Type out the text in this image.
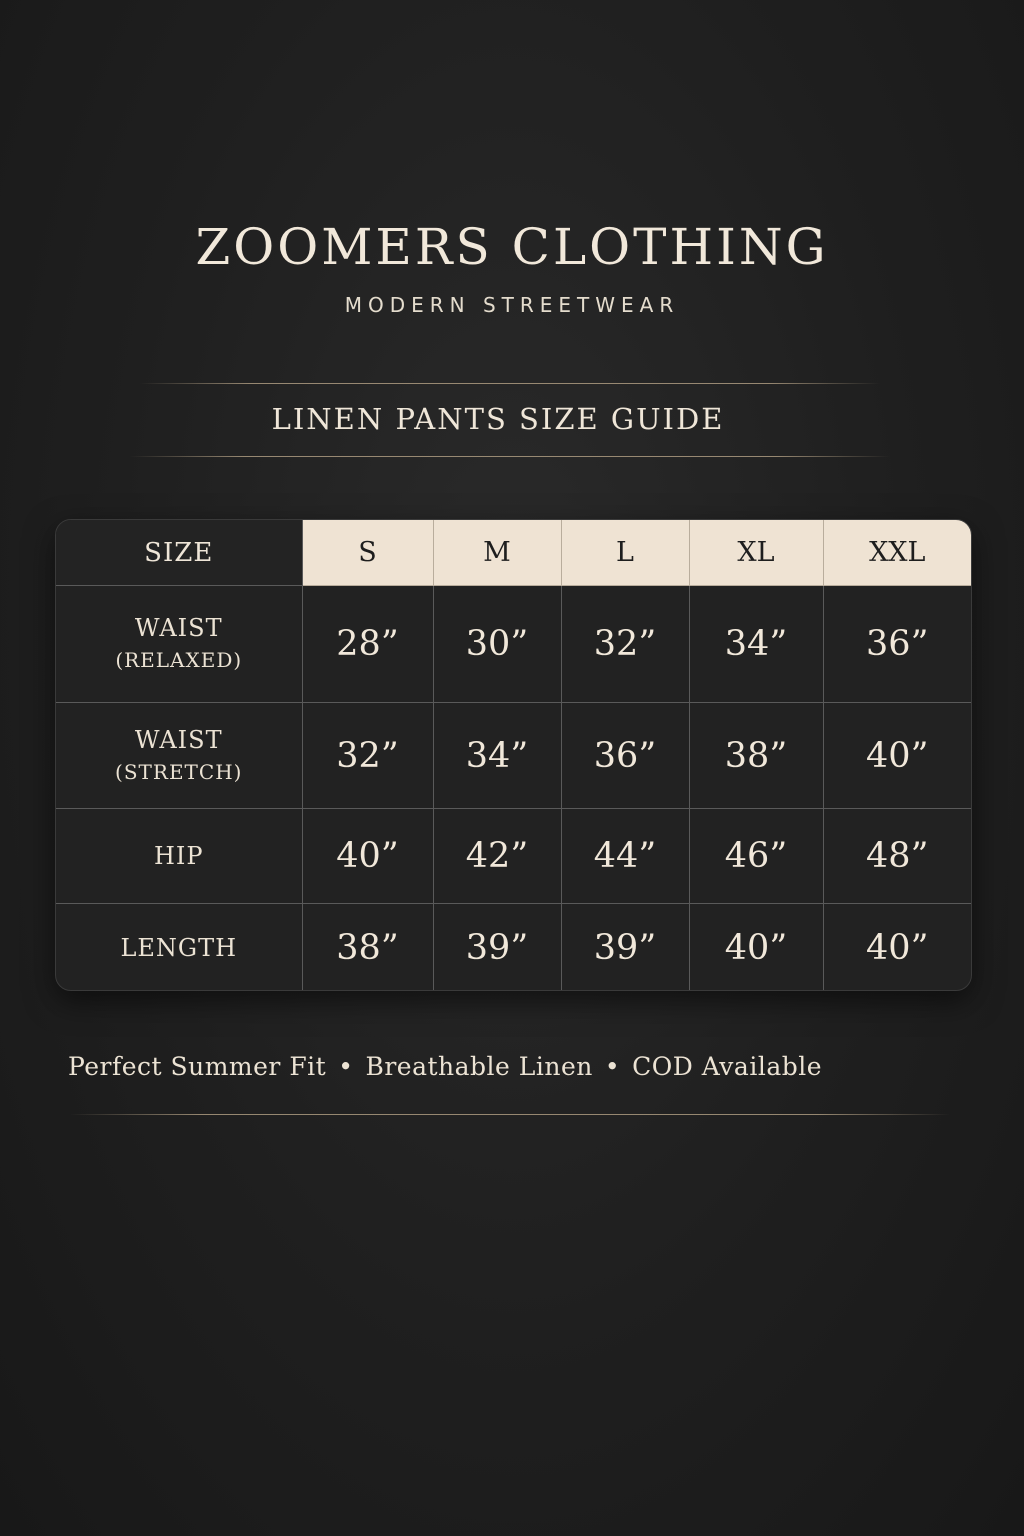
ZOOMERS CLOTHING
MODERN STREETWEAR
LINEN PANTS SIZE GUIDE
SIZE	S	M	L	XL	XXL
WAIST
(RELAXED)	28”	30”	32”	34”	36”
WAIST
(STRETCH)	32”	34”	36”	38”	40”
HIP	40”	42”	44”	46”	48”
LENGTH	38”	39”	39”	40”	40”
Perfect Summer Fit • Breathable Linen • COD Available
